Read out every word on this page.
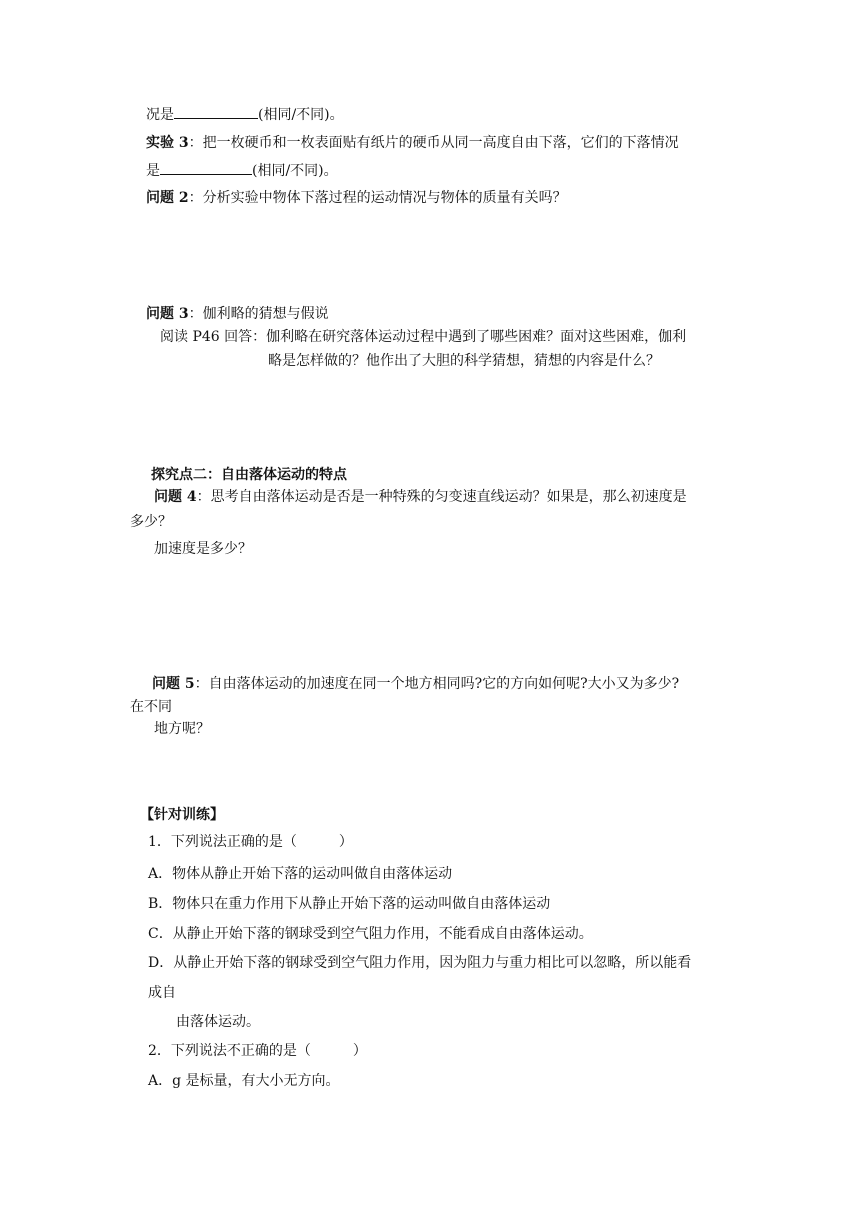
况是	(相同/不同)。
实验 3：把一枚硬币和一枚表面贴有纸片的硬币从同一高度自由下落，它们的下落情况
是	(相同/不同)。
问题 2：分析实验中物体下落过程的运动情况与物体的质量有关吗？
问题 3：伽利略的猜想与假说
阅读 P46 回答：伽利略在研究落体运动过程中遇到了哪些困难？面对这些困难，伽利
略是怎样做的？他作出了大胆的科学猜想，猜想的内容是什么？
探究点二：自由落体运动的特点
问题 4：思考自由落体运动是否是一种特殊的匀变速直线运动？如果是，那么初速度是
多少？
加速度是多少？
问题 5：自由落体运动的加速度在同一个地方相同吗?它的方向如何呢?大小又为多少?
在不同
地方呢？
【针对训练】
1．下列说法正确的是（　　　）
A．物体从静止开始下落的运动叫做自由落体运动
B．物体只在重力作用下从静止开始下落的运动叫做自由落体运动
C．从静止开始下落的钢球受到空气阻力作用，不能看成自由落体运动。
D．从静止开始下落的钢球受到空气阻力作用，因为阻力与重力相比可以忽略，所以能看
成自
由落体运动。
2．下列说法不正确的是（　　　）
A．g 是标量，有大小无方向。
